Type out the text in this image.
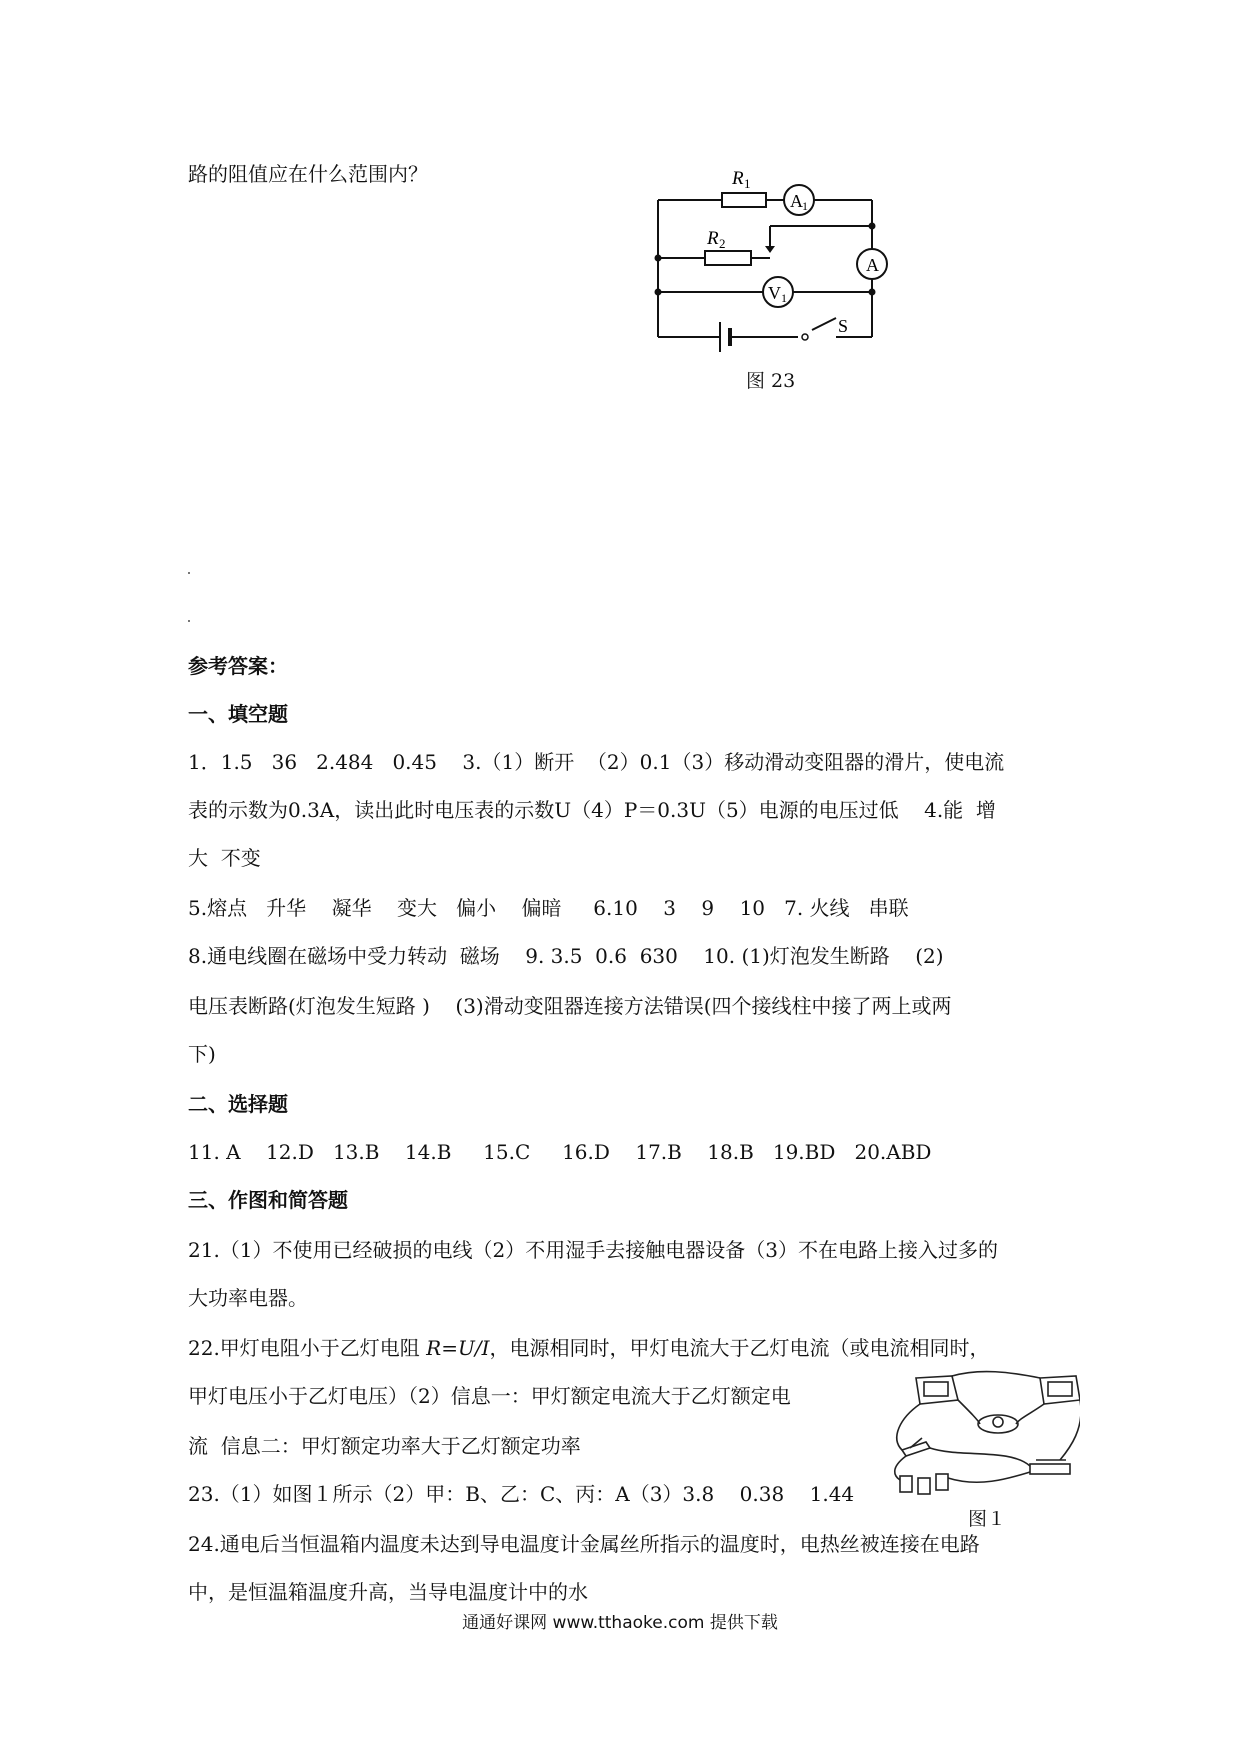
路的阻值应在什么范围内？	R 1
R 2
A 1
A
V 1
S
图 23
参考答案：
一、填空题
1．1.5   36   2.484   0.45    3.（1）断开  （2）0.1（3）移动滑动变阻器的滑片，使电流
表的示数为0.3A，读出此时电压表的示数U（4）P＝0.3U（5）电源的电压过低    4.能  增
大  不变
5.熔点   升华    凝华    变大   偏小    偏暗     6.10    3    9    10   7. 火线   串联
8.通电线圈在磁场中受力转动  磁场    9. 3.5  0.6  630    10. (1)灯泡发生断路    (2)
电压表断路(灯泡发生短路 )    (3)滑动变阻器连接方法错误(四个接线柱中接了两上或两
下)
二、选择题
11. A    12.D   13.B    14.B     15.C     16.D    17.B    18.B   19.BD   20.ABD
三、作图和简答题
21.（1）不使用已经破损的电线（2）不用湿手去接触电器设备（3）不在电路上接入过多的
大功率电器。
22.甲灯电阻小于乙灯电阻 R=U/I，电源相同时，甲灯电流大于乙灯电流（或电流相同时，
甲灯电压小于乙灯电压）（2）信息一：甲灯额定电流大于乙灯额定电
流  信息二：甲灯额定功率大于乙灯额定功率
23.（1）如图１所示（2）甲：B、乙：C、丙：A（3）3.8    0.38    1.44
24.通电后当恒温箱内温度未达到导电温度计金属丝所指示的温度时，电热丝被连接在电路
中，是恒温箱温度升高，当导电温度计中的水
图１
通通好课网 www.tthaoke.com 提供下载
